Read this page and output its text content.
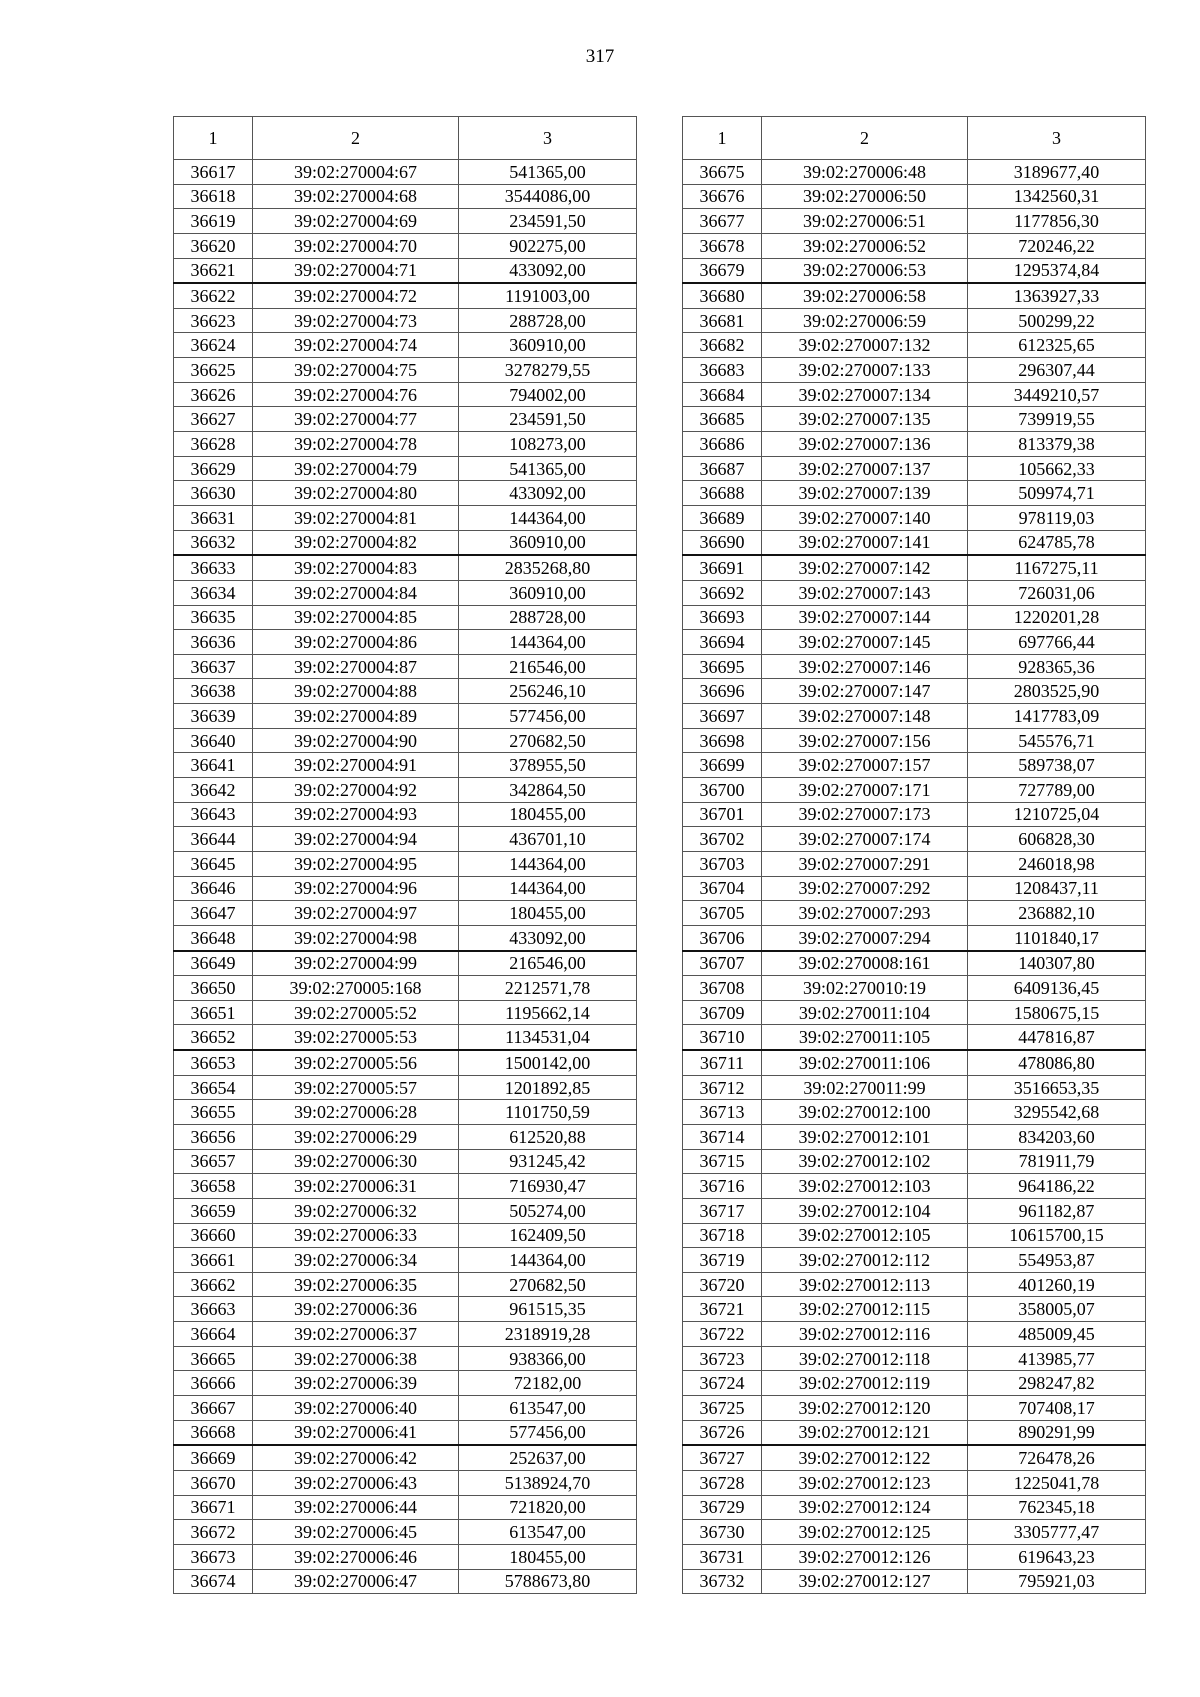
317
1	2	3
36617	39:02:270004:67	541365,00
36618	39:02:270004:68	3544086,00
36619	39:02:270004:69	234591,50
36620	39:02:270004:70	902275,00
36621	39:02:270004:71	433092,00
36622	39:02:270004:72	1191003,00
36623	39:02:270004:73	288728,00
36624	39:02:270004:74	360910,00
36625	39:02:270004:75	3278279,55
36626	39:02:270004:76	794002,00
36627	39:02:270004:77	234591,50
36628	39:02:270004:78	108273,00
36629	39:02:270004:79	541365,00
36630	39:02:270004:80	433092,00
36631	39:02:270004:81	144364,00
36632	39:02:270004:82	360910,00
36633	39:02:270004:83	2835268,80
36634	39:02:270004:84	360910,00
36635	39:02:270004:85	288728,00
36636	39:02:270004:86	144364,00
36637	39:02:270004:87	216546,00
36638	39:02:270004:88	256246,10
36639	39:02:270004:89	577456,00
36640	39:02:270004:90	270682,50
36641	39:02:270004:91	378955,50
36642	39:02:270004:92	342864,50
36643	39:02:270004:93	180455,00
36644	39:02:270004:94	436701,10
36645	39:02:270004:95	144364,00
36646	39:02:270004:96	144364,00
36647	39:02:270004:97	180455,00
36648	39:02:270004:98	433092,00
36649	39:02:270004:99	216546,00
36650	39:02:270005:168	2212571,78
36651	39:02:270005:52	1195662,14
36652	39:02:270005:53	1134531,04
36653	39:02:270005:56	1500142,00
36654	39:02:270005:57	1201892,85
36655	39:02:270006:28	1101750,59
36656	39:02:270006:29	612520,88
36657	39:02:270006:30	931245,42
36658	39:02:270006:31	716930,47
36659	39:02:270006:32	505274,00
36660	39:02:270006:33	162409,50
36661	39:02:270006:34	144364,00
36662	39:02:270006:35	270682,50
36663	39:02:270006:36	961515,35
36664	39:02:270006:37	2318919,28
36665	39:02:270006:38	938366,00
36666	39:02:270006:39	72182,00
36667	39:02:270006:40	613547,00
36668	39:02:270006:41	577456,00
36669	39:02:270006:42	252637,00
36670	39:02:270006:43	5138924,70
36671	39:02:270006:44	721820,00
36672	39:02:270006:45	613547,00
36673	39:02:270006:46	180455,00
36674	39:02:270006:47	5788673,80
1	2	3
36675	39:02:270006:48	3189677,40
36676	39:02:270006:50	1342560,31
36677	39:02:270006:51	1177856,30
36678	39:02:270006:52	720246,22
36679	39:02:270006:53	1295374,84
36680	39:02:270006:58	1363927,33
36681	39:02:270006:59	500299,22
36682	39:02:270007:132	612325,65
36683	39:02:270007:133	296307,44
36684	39:02:270007:134	3449210,57
36685	39:02:270007:135	739919,55
36686	39:02:270007:136	813379,38
36687	39:02:270007:137	105662,33
36688	39:02:270007:139	509974,71
36689	39:02:270007:140	978119,03
36690	39:02:270007:141	624785,78
36691	39:02:270007:142	1167275,11
36692	39:02:270007:143	726031,06
36693	39:02:270007:144	1220201,28
36694	39:02:270007:145	697766,44
36695	39:02:270007:146	928365,36
36696	39:02:270007:147	2803525,90
36697	39:02:270007:148	1417783,09
36698	39:02:270007:156	545576,71
36699	39:02:270007:157	589738,07
36700	39:02:270007:171	727789,00
36701	39:02:270007:173	1210725,04
36702	39:02:270007:174	606828,30
36703	39:02:270007:291	246018,98
36704	39:02:270007:292	1208437,11
36705	39:02:270007:293	236882,10
36706	39:02:270007:294	1101840,17
36707	39:02:270008:161	140307,80
36708	39:02:270010:19	6409136,45
36709	39:02:270011:104	1580675,15
36710	39:02:270011:105	447816,87
36711	39:02:270011:106	478086,80
36712	39:02:270011:99	3516653,35
36713	39:02:270012:100	3295542,68
36714	39:02:270012:101	834203,60
36715	39:02:270012:102	781911,79
36716	39:02:270012:103	964186,22
36717	39:02:270012:104	961182,87
36718	39:02:270012:105	10615700,15
36719	39:02:270012:112	554953,87
36720	39:02:270012:113	401260,19
36721	39:02:270012:115	358005,07
36722	39:02:270012:116	485009,45
36723	39:02:270012:118	413985,77
36724	39:02:270012:119	298247,82
36725	39:02:270012:120	707408,17
36726	39:02:270012:121	890291,99
36727	39:02:270012:122	726478,26
36728	39:02:270012:123	1225041,78
36729	39:02:270012:124	762345,18
36730	39:02:270012:125	3305777,47
36731	39:02:270012:126	619643,23
36732	39:02:270012:127	795921,03
